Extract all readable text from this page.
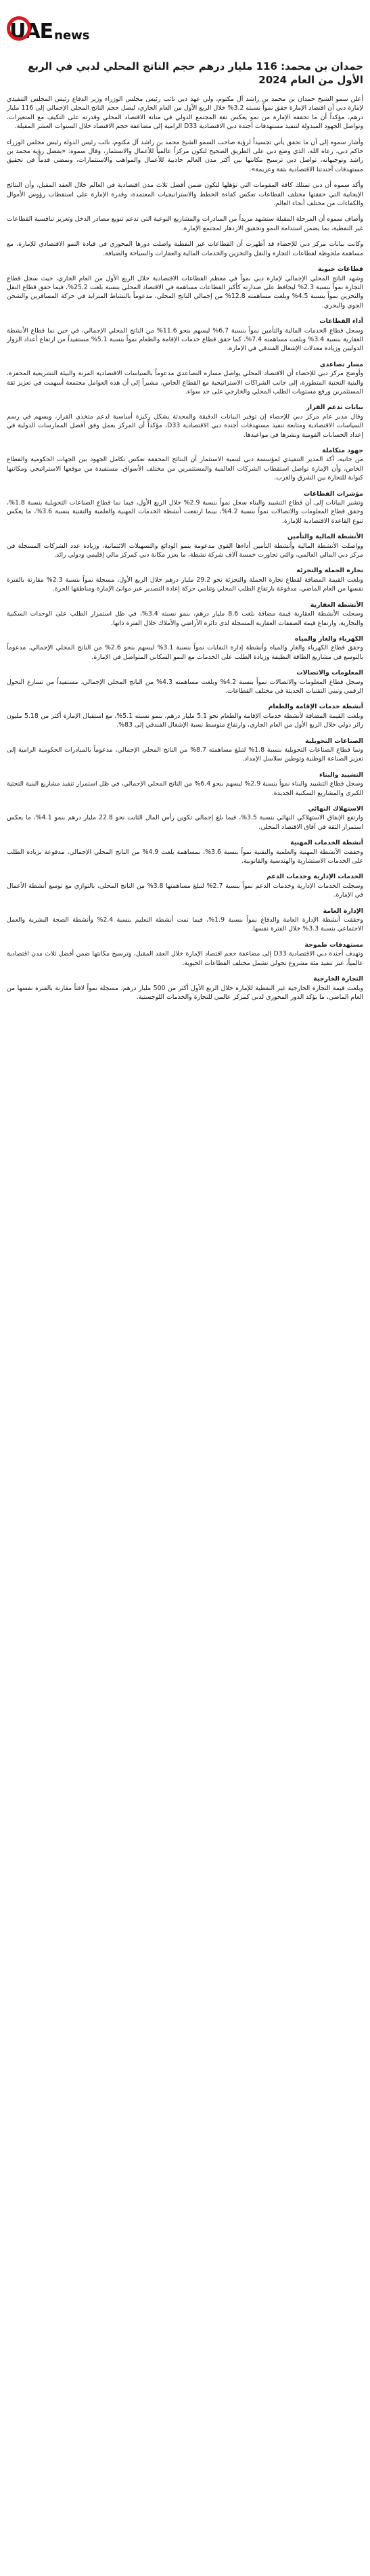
UAE news
حمدان بن محمد: 116 مليار درهم حجم الناتج المحلي لدبي في الربع الأول من العام 2024

أعلن سمو الشيخ حمدان بن محمد بن راشد آل مكتوم، ولي عهد دبي نائب رئيس مجلس الوزراء وزير الدفاع رئيس المجلس التنفيذي لإمارة دبي أن اقتصاد الإمارة حقق نمواً نسبته 3.2% خلال الربع الأول من العام الجاري، ليصل حجم الناتج المحلي الإجمالي إلى 116 مليار درهم، مؤكداً أن ما تحققه الإمارة من نمو يعكس ثقة المجتمع الدولي في متانة الاقتصاد المحلي وقدرته على التكيف مع المتغيرات، وتواصل الجهود المبذولة لتنفيذ مستهدفات أجندة دبي الاقتصادية D33 الرامية إلى مضاعفة حجم الاقتصاد خلال السنوات العشر المقبلة.

وأشار سموه إلى أن ما تحقق يأتي تجسيداً لرؤية صاحب السمو الشيخ محمد بن راشد آل مكتوم، نائب رئيس الدولة رئيس مجلس الوزراء حاكم دبي، رعاه الله، الذي وضع دبي على الطريق الصحيح لتكون مركزاً عالمياً للأعمال والاستثمار، وقال سموه: «بفضل رؤية محمد بن راشد وتوجيهاته، تواصل دبي ترسيخ مكانتها بين أكثر مدن العالم جاذبية للأعمال والمواهب والاستثمارات، ونمضي قدماً في تحقيق مستهدفات أجندتنا الاقتصادية بثقة وعزيمة».

وأكد سموه أن دبي تمتلك كافة المقومات التي تؤهلها لتكون ضمن أفضل ثلاث مدن اقتصادية في العالم خلال العقد المقبل، وأن النتائج الإيجابية التي حققتها مختلف القطاعات تعكس كفاءة الخطط والاستراتيجيات المعتمدة، وقدرة الإمارة على استقطاب رؤوس الأموال والكفاءات من مختلف أنحاء العالم.

وأضاف سموه أن المرحلة المقبلة ستشهد مزيداً من المبادرات والمشاريع النوعية التي تدعم تنويع مصادر الدخل وتعزيز تنافسية القطاعات غير النفطية، بما يضمن استدامة النمو وتحقيق الازدهار لمجتمع الإمارة.

وكانت بيانات مركز دبي للإحصاء قد أظهرت أن القطاعات غير النفطية واصلت دورها المحوري في قيادة النمو الاقتصادي للإمارة، مع مساهمة ملحوظة لقطاعات التجارة والنقل والتخزين والخدمات المالية والعقارات والسياحة والضيافة.

قطاعات حيوية

وشهد الناتج المحلي الإجمالي لإمارة دبي نمواً في معظم القطاعات الاقتصادية خلال الربع الأول من العام الجاري، حيث سجل قطاع التجارة نمواً بنسبة 2.3% ليحافظ على صدارته كأكبر القطاعات مساهمة في الاقتصاد المحلي بنسبة بلغت 25.2%، فيما حقق قطاع النقل والتخزين نمواً بنسبة 4.5% وبلغت مساهمته 12.8% من إجمالي الناتج المحلي، مدعوماً بالنشاط المتزايد في حركة المسافرين والشحن الجوي والبحري.

أداء القطاعات

وسجل قطاع الخدمات المالية والتأمين نمواً بنسبة 6.7% ليسهم بنحو 11.6% من الناتج المحلي الإجمالي، في حين نما قطاع الأنشطة العقارية بنسبة 3.4% وبلغت مساهمته 7.4%، كما حقق قطاع خدمات الإقامة والطعام نمواً بنسبة 5.1% مستفيداً من ارتفاع أعداد الزوار الدوليين وزيادة معدلات الإشغال الفندقي في الإمارة.

مسار تصاعدي

وأوضح مركز دبي للإحصاء أن الاقتصاد المحلي يواصل مساره التصاعدي مدعوماً بالسياسات الاقتصادية المرنة والبيئة التشريعية المحفزة، والبنية التحتية المتطورة، إلى جانب الشراكات الاستراتيجية مع القطاع الخاص، مشيراً إلى أن هذه العوامل مجتمعة أسهمت في تعزيز ثقة المستثمرين ورفع مستويات الطلب المحلي والخارجي على حد سواء.

بيانات تدعم القرار

وقال مدير عام مركز دبي للإحصاء إن توفير البيانات الدقيقة والمحدثة يشكل ركيزة أساسية لدعم متخذي القرار، ويسهم في رسم السياسات الاقتصادية ومتابعة تنفيذ مستهدفات أجندة دبي الاقتصادية D33، مؤكداً أن المركز يعمل وفق أفضل الممارسات الدولية في إعداد الحسابات القومية ونشرها في مواعيدها.

جهود متكاملة

من جانبه، أكد المدير التنفيذي لمؤسسة دبي لتنمية الاستثمار أن النتائج المحققة تعكس تكامل الجهود بين الجهات الحكومية والقطاع الخاص، وأن الإمارة تواصل استقطاب الشركات العالمية والمستثمرين من مختلف الأسواق، مستفيدة من موقعها الاستراتيجي ومكانتها كبوابة للتجارة بين الشرق والغرب.

مؤشرات القطاعات

وتشير البيانات إلى أن قطاع التشييد والبناء سجل نمواً بنسبة 2.9% خلال الربع الأول، فيما نما قطاع الصناعات التحويلية بنسبة 1.8%، وحقق قطاع المعلومات والاتصالات نمواً بنسبة 4.2%، بينما ارتفعت أنشطة الخدمات المهنية والعلمية والتقنية بنسبة 3.6%، ما يعكس تنوع القاعدة الاقتصادية للإمارة.

الأنشطة المالية والتأمين

وواصلت الأنشطة المالية وأنشطة التأمين أداءها القوي مدعومة بنمو الودائع والتسهيلات الائتمانية، وزيادة عدد الشركات المسجلة في مركز دبي المالي العالمي، والتي تجاوزت خمسة آلاف شركة نشطة، ما يعزز مكانة دبي كمركز مالي إقليمي ودولي رائد.

تجارة الجملة والتجزئة

وبلغت القيمة المضافة لقطاع تجارة الجملة والتجزئة نحو 29.2 مليار درهم خلال الربع الأول، مسجلة نمواً بنسبة 2.3% مقارنة بالفترة نفسها من العام الماضي، مدفوعة بارتفاع الطلب المحلي وتنامي حركة إعادة التصدير عبر موانئ الإمارة ومناطقها الحرة.

الأنشطة العقارية

وسجلت الأنشطة العقارية قيمة مضافة بلغت 8.6 مليار درهم، بنمو نسبته 3.4%، في ظل استمرار الطلب على الوحدات السكنية والتجارية، وارتفاع قيمة الصفقات العقارية المسجلة لدى دائرة الأراضي والأملاك خلال الفترة ذاتها.

الكهرباء والغاز والمياه

وحقق قطاع الكهرباء والغاز والمياه وأنشطة إدارة النفايات نمواً بنسبة 3.1% ليسهم بنحو 2.6% من الناتج المحلي الإجمالي، مدعوماً بالتوسع في مشاريع الطاقة النظيفة وزيادة الطلب على الخدمات مع النمو السكاني المتواصل في الإمارة.

المعلومات والاتصالات

وسجل قطاع المعلومات والاتصالات نمواً بنسبة 4.2% وبلغت مساهمته 4.3% من الناتج المحلي الإجمالي، مستفيداً من تسارع التحول الرقمي وتبني التقنيات الحديثة في مختلف القطاعات.

أنشطة خدمات الإقامة والطعام

وبلغت القيمة المضافة لأنشطة خدمات الإقامة والطعام نحو 5.1 مليار درهم، بنمو نسبته 5.1%، مع استقبال الإمارة أكثر من 5.18 مليون زائر دولي خلال الربع الأول من العام الجاري، وارتفاع متوسط نسبة الإشغال الفندقي إلى 83%.

الصناعات التحويلية

ونما قطاع الصناعات التحويلية بنسبة 1.8% لتبلغ مساهمته 8.7% من الناتج المحلي الإجمالي، مدعوماً بالمبادرات الحكومية الرامية إلى تعزيز الصناعة الوطنية وتوطين سلاسل الإمداد.

التشييد والبناء

وسجل قطاع التشييد والبناء نمواً بنسبة 2.9% ليسهم بنحو 6.4% من الناتج المحلي الإجمالي، في ظل استمرار تنفيذ مشاريع البنية التحتية الكبرى والمشاريع السكنية الجديدة.

الاستهلاك النهائي

وارتفع الإنفاق الاستهلاكي النهائي بنسبة 3.5%، فيما بلغ إجمالي تكوين رأس المال الثابت نحو 22.8 مليار درهم بنمو 4.1%، ما يعكس استمرار الثقة في آفاق الاقتصاد المحلي.

أنشطة الخدمات المهنية

وحققت الأنشطة المهنية والعلمية والتقنية نمواً بنسبة 3.6%، بمساهمة بلغت 4.9% من الناتج المحلي الإجمالي، مدفوعة بزيادة الطلب على الخدمات الاستشارية والهندسية والقانونية.

الخدمات الإدارية وخدمات الدعم

وسجلت الخدمات الإدارية وخدمات الدعم نمواً بنسبة 2.7% لتبلغ مساهمتها 3.8% من الناتج المحلي، بالتوازي مع توسع أنشطة الأعمال في الإمارة.

الإدارة العامة

وحققت أنشطة الإدارة العامة والدفاع نمواً بنسبة 1.9%، فيما نمت أنشطة التعليم بنسبة 2.4% وأنشطة الصحة البشرية والعمل الاجتماعي بنسبة 3.3% خلال الفترة نفسها.

مستهدفات طموحة

وتهدف أجندة دبي الاقتصادية D33 إلى مضاعفة حجم اقتصاد الإمارة خلال العقد المقبل، وترسيخ مكانتها ضمن أفضل ثلاث مدن اقتصادية عالمياً، عبر تنفيذ مئة مشروع تحولي تشمل مختلف القطاعات الحيوية.

التجارة الخارجية

وبلغت قيمة التجارة الخارجية غير النفطية للإمارة خلال الربع الأول أكثر من 500 مليار درهم، مسجلة نمواً لافتاً مقارنة بالفترة نفسها من العام الماضي، ما يؤكد الدور المحوري لدبي كمركز عالمي للتجارة والخدمات اللوجستية.
